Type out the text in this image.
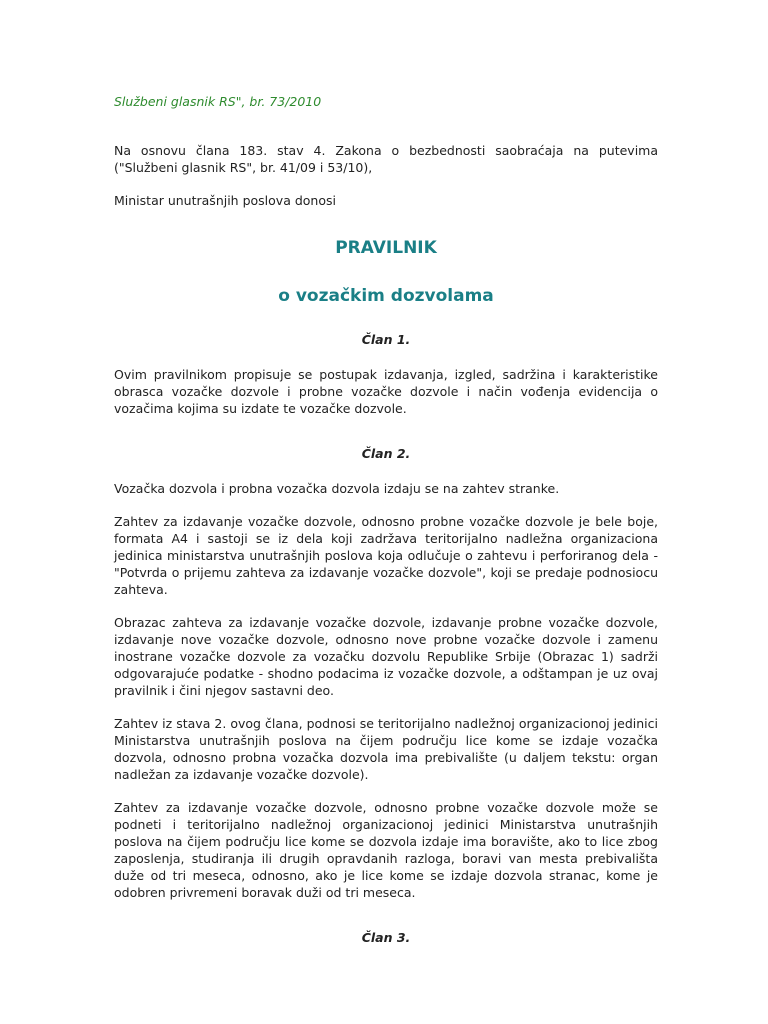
Službeni glasnik RS", br. 73/2010

Na osnovu člana 183. stav 4. Zakona o bezbednosti saobraćaja na putevima ("Službeni glasnik RS", br. 41/09 i 53/10),

Ministar unutrašnjih poslova donosi

PRAVILNIK
o vozačkim dozvolama

Član 1.

Ovim pravilnikom propisuje se postupak izdavanja, izgled, sadržina i karakteristike obrasca vozačke dozvole i probne vozačke dozvole i način vođenja evidencija o vozačima kojima su izdate te vozačke dozvole.

Član 2.

Vozačka dozvola i probna vozačka dozvola izdaju se na zahtev stranke.

Zahtev za izdavanje vozačke dozvole, odnosno probne vozačke dozvole je bele boje, formata A4 i sastoji se iz dela koji zadržava teritorijalno nadležna organizaciona jedinica ministarstva unutrašnjih poslova koja odlučuje o zahtevu i perforiranog dela - "Potvrda o prijemu zahteva za izdavanje vozačke dozvole", koji se predaje podnosiocu zahteva.

Obrazac zahteva za izdavanje vozačke dozvole, izdavanje probne vozačke dozvole, izdavanje nove vozačke dozvole, odnosno nove probne vozačke dozvole i zamenu inostrane vozačke dozvole za vozačku dozvolu Republike Srbije (Obrazac 1) sadrži odgovarajuće podatke - shodno podacima iz vozačke dozvole, a odštampan je uz ovaj pravilnik i čini njegov sastavni deo.

Zahtev iz stava 2. ovog člana, podnosi se teritorijalno nadležnoj organizacionoj jedinici Ministarstva unutrašnjih poslova na čijem području lice kome se izdaje vozačka dozvola, odnosno probna vozačka dozvola ima prebivalište (u daljem tekstu: organ nadležan za izdavanje vozačke dozvole).

Zahtev za izdavanje vozačke dozvole, odnosno probne vozačke dozvole može se podneti i teritorijalno nadležnoj organizacionoj jedinici Ministarstva unutrašnjih poslova na čijem području lice kome se dozvola izdaje ima boravište, ako to lice zbog zaposlenja, studiranja ili drugih opravdanih razloga, boravi van mesta prebivališta duže od tri meseca, odnosno, ako je lice kome se izdaje dozvola stranac, kome je odobren privremeni boravak duži od tri meseca.

Član 3.
